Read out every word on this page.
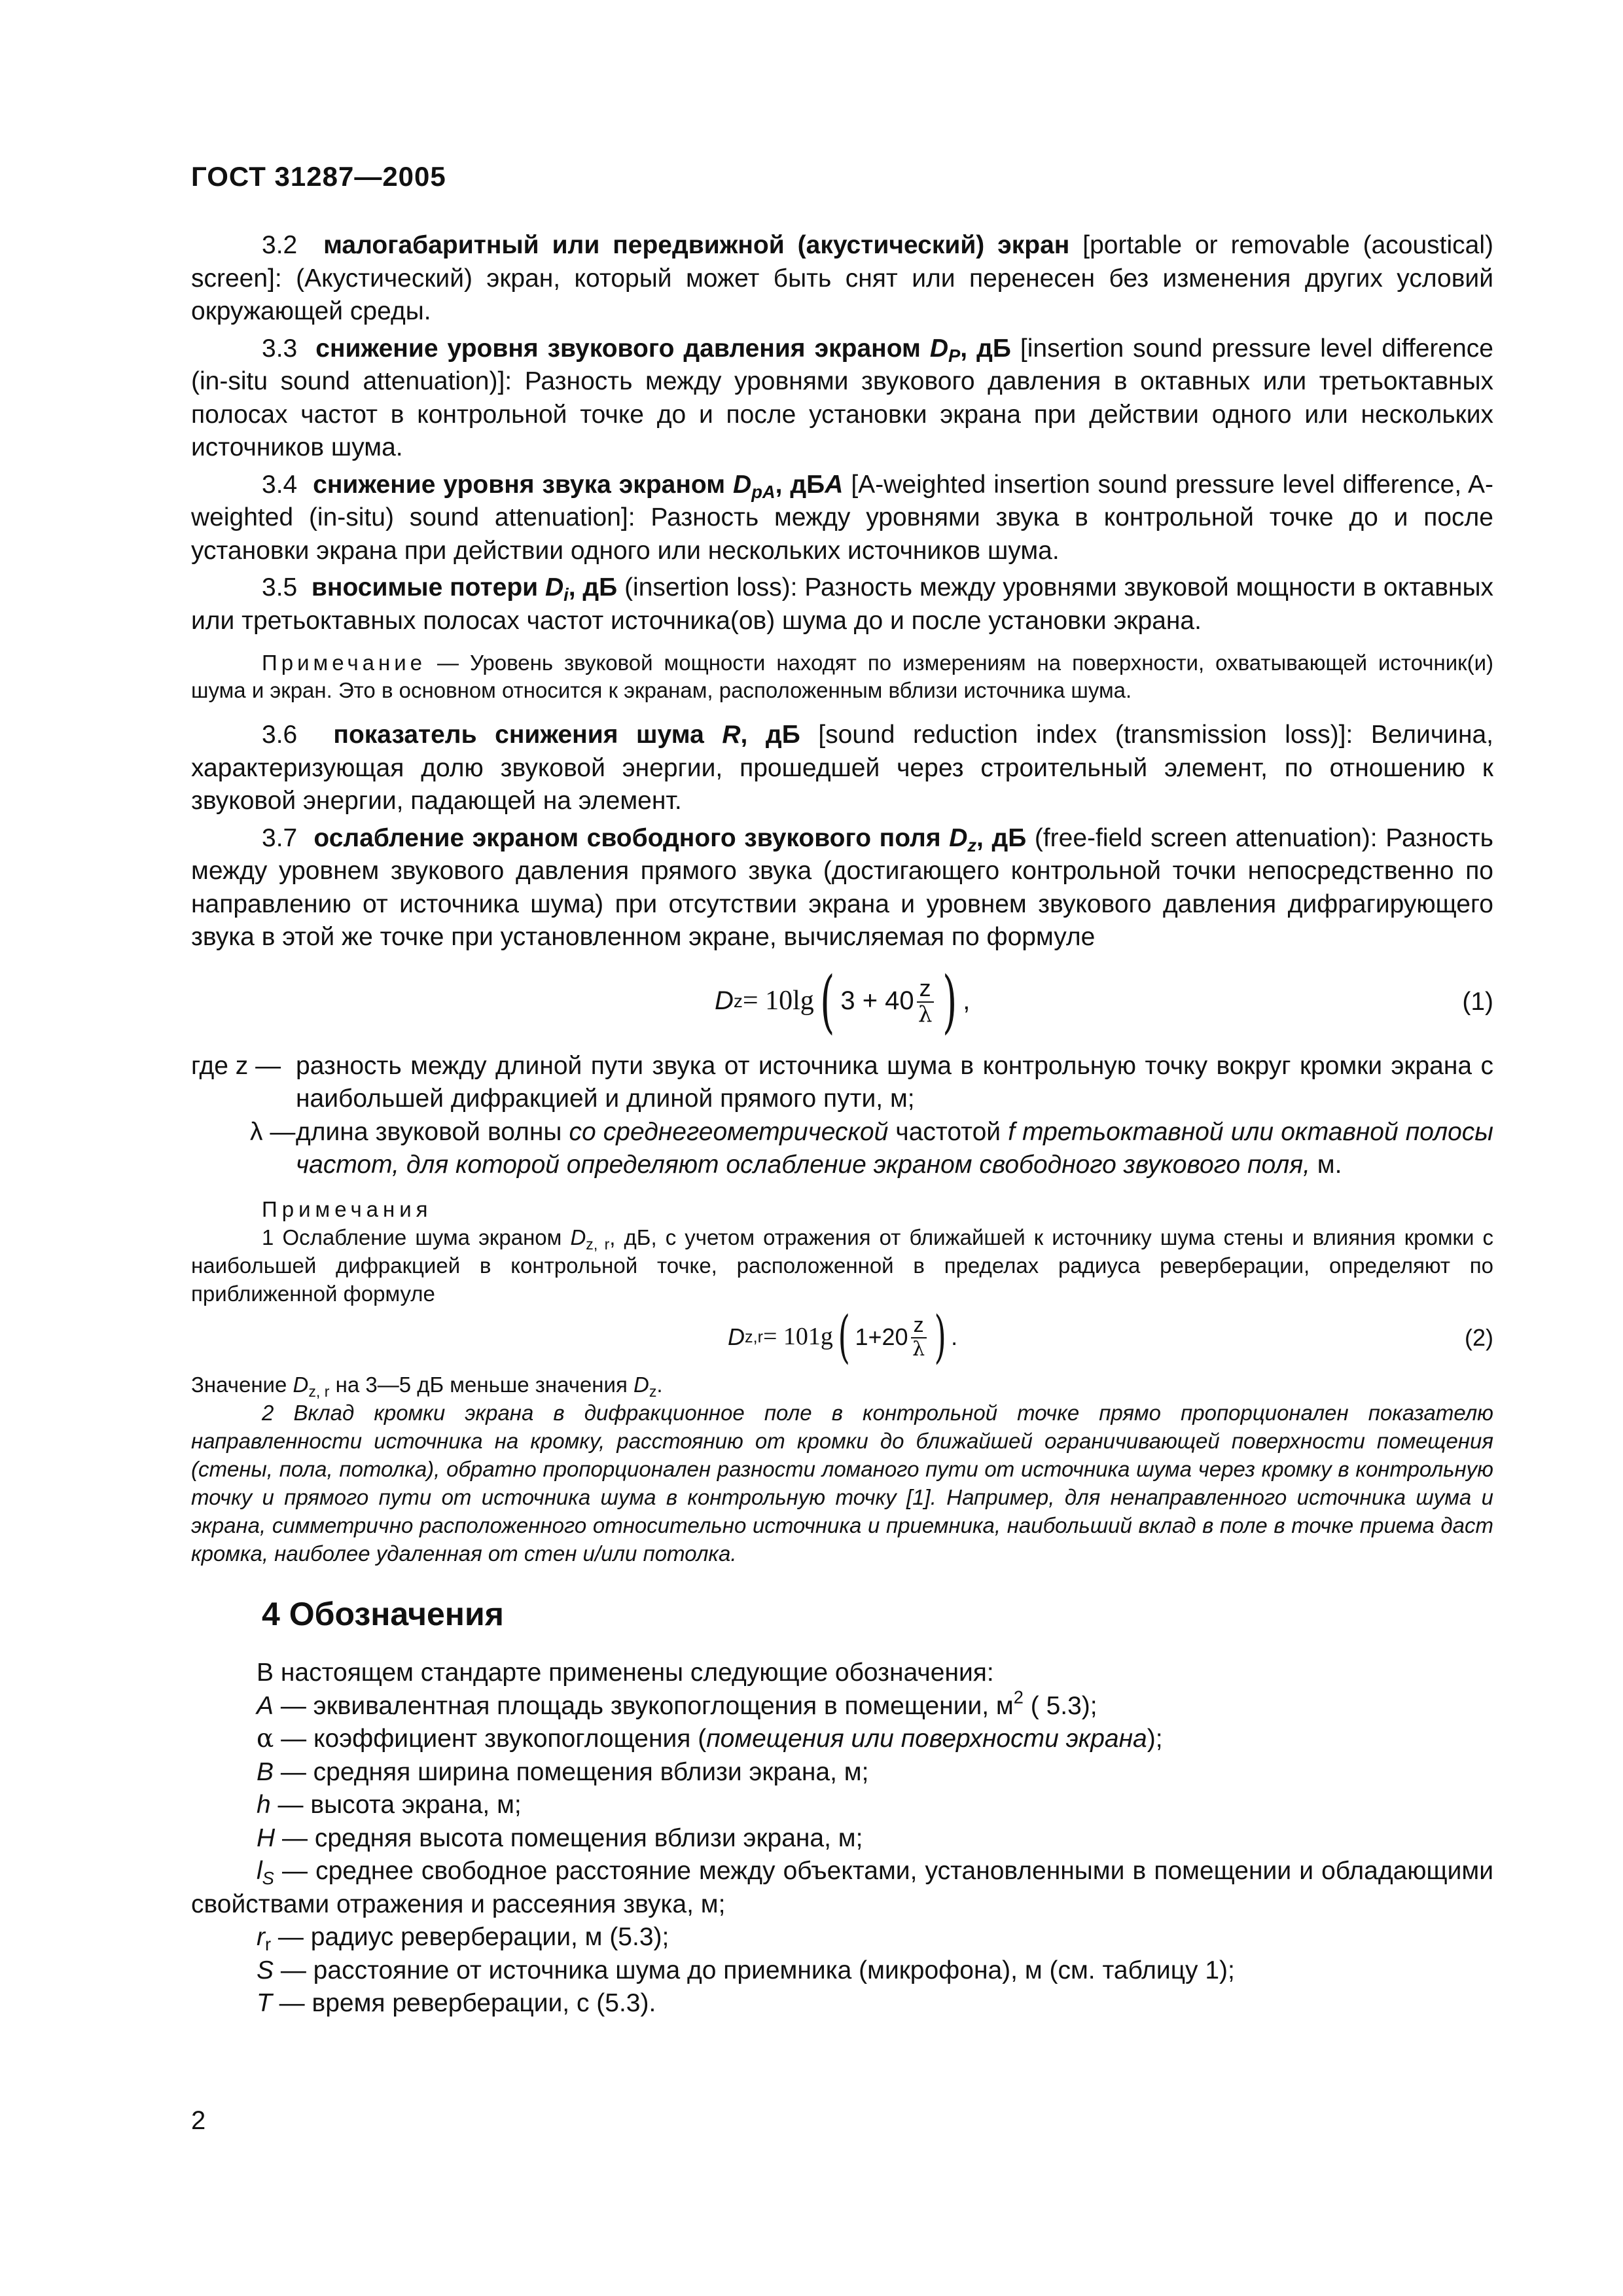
ГОСТ 31287—2005

3.2 малогабаритный или передвижной (акустический) экран [portable or removable (acoustical) screen]: (Акустический) экран, который может быть снят или перенесен без изменения других условий окружающей среды.

3.3 снижение уровня звукового давления экраном $D_P$, дБ [insertion sound pressure level difference (in-situ sound attenuation)]: Разность между уровнями звукового давления в октавных или третьоктавных полосах частот в контрольной точке до и после установки экрана при действии одного или нескольких источников шума.

3.4 снижение уровня звука экраном $D_{pA}$, дБA [A-weighted insertion sound pressure level difference, A-weighted (in-situ) sound attenuation]: Разность между уровнями звука в контрольной точке до и после установки экрана при действии одного или нескольких источников шума.

3.5 вносимые потери $D_i$, дБ (insertion loss): Разность между уровнями звуковой мощности в октавных или третьоктавных полосах частот источника(ов) шума до и после установки экрана.

Примечание — Уровень звуковой мощности находят по измерениям на поверхности, охватывающей источник(и) шума и экран. Это в основном относится к экранам, расположенным вблизи источника шума.

3.6 показатель снижения шума R, дБ [sound reduction index (transmission loss)]: Величина, характеризующая долю звуковой энергии, прошедшей через строительный элемент, по отношению к звуковой энергии, падающей на элемент.

3.7 ослабление экраном свободного звукового поля $D_z$, дБ (free-field screen attenuation): Разность между уровнем звукового давления прямого звука (достигающего контрольной точки непосредственно по направлению от источника шума) при отсутствии экрана и уровнем звукового давления дифрагирующего звука в этой же точке при установленном экране, вычисляемая по формуле

D z = 10lg ( $3 + 40 \frac{z}{\lambda}$ ) ,	(1)
где z — разность между длиной пути звука от источника шума в контрольную точку вокруг кромки экрана с наибольшей дифракцией и длиной прямого пути, м;
λ — длина звуковой волны со среднегеометрической частотой f третьоктавной или октавной полосы частот, для которой определяют ослабление экраном свободного звукового поля, м.

Примечания

1 Ослабление шума экраном $D_{z, r}$, дБ, с учетом отражения от ближайшей к источнику шума стены и влияния кромки с наибольшей дифракцией в контрольной точке, расположенной в пределах радиуса реверберации, определяют по приближенной формуле

D z,r = 101g ( $1+20 \frac{z}{\lambda}$ ) .	(2)

Значение $D_{z, r}$ на 3—5 дБ меньше значения $D_z$.

2 Вклад кромки экрана в дифракционное поле в контрольной точке прямо пропорционален показателю направленности источника на кромку, расстоянию от кромки до ближайшей ограничивающей поверхности помещения (стены, пола, потолка), обратно пропорционален разности ломаного пути от источника шума через кромку в контрольную точку и прямого пути от источника шума в контрольную точку [1]. Например, для ненаправленного источника шума и экрана, симметрично расположенного относительно источника и приемника, наибольший вклад в поле в точке приема даст кромка, наиболее удаленная от стен и/или потолка.

4 Обозначения

В настоящем стандарте применены следующие обозначения:

A — эквивалентная площадь звукопоглощения в помещении, $м^2$ ( 5.3);

α — коэффициент звукопоглощения (помещения или поверхности экрана);

B — средняя ширина помещения вблизи экрана, м;

h — высота экрана, м;

H — средняя высота помещения вблизи экрана, м;

$l_S$ — среднее свободное расстояние между объектами, установленными в помещении и обладающими свойствами отражения и рассеяния звука, м;

$r_r$ — радиус реверберации, м (5.3);

S — расстояние от источника шума до приемника (микрофона), м (см. таблицу 1);

T — время реверберации, с (5.3).

2
